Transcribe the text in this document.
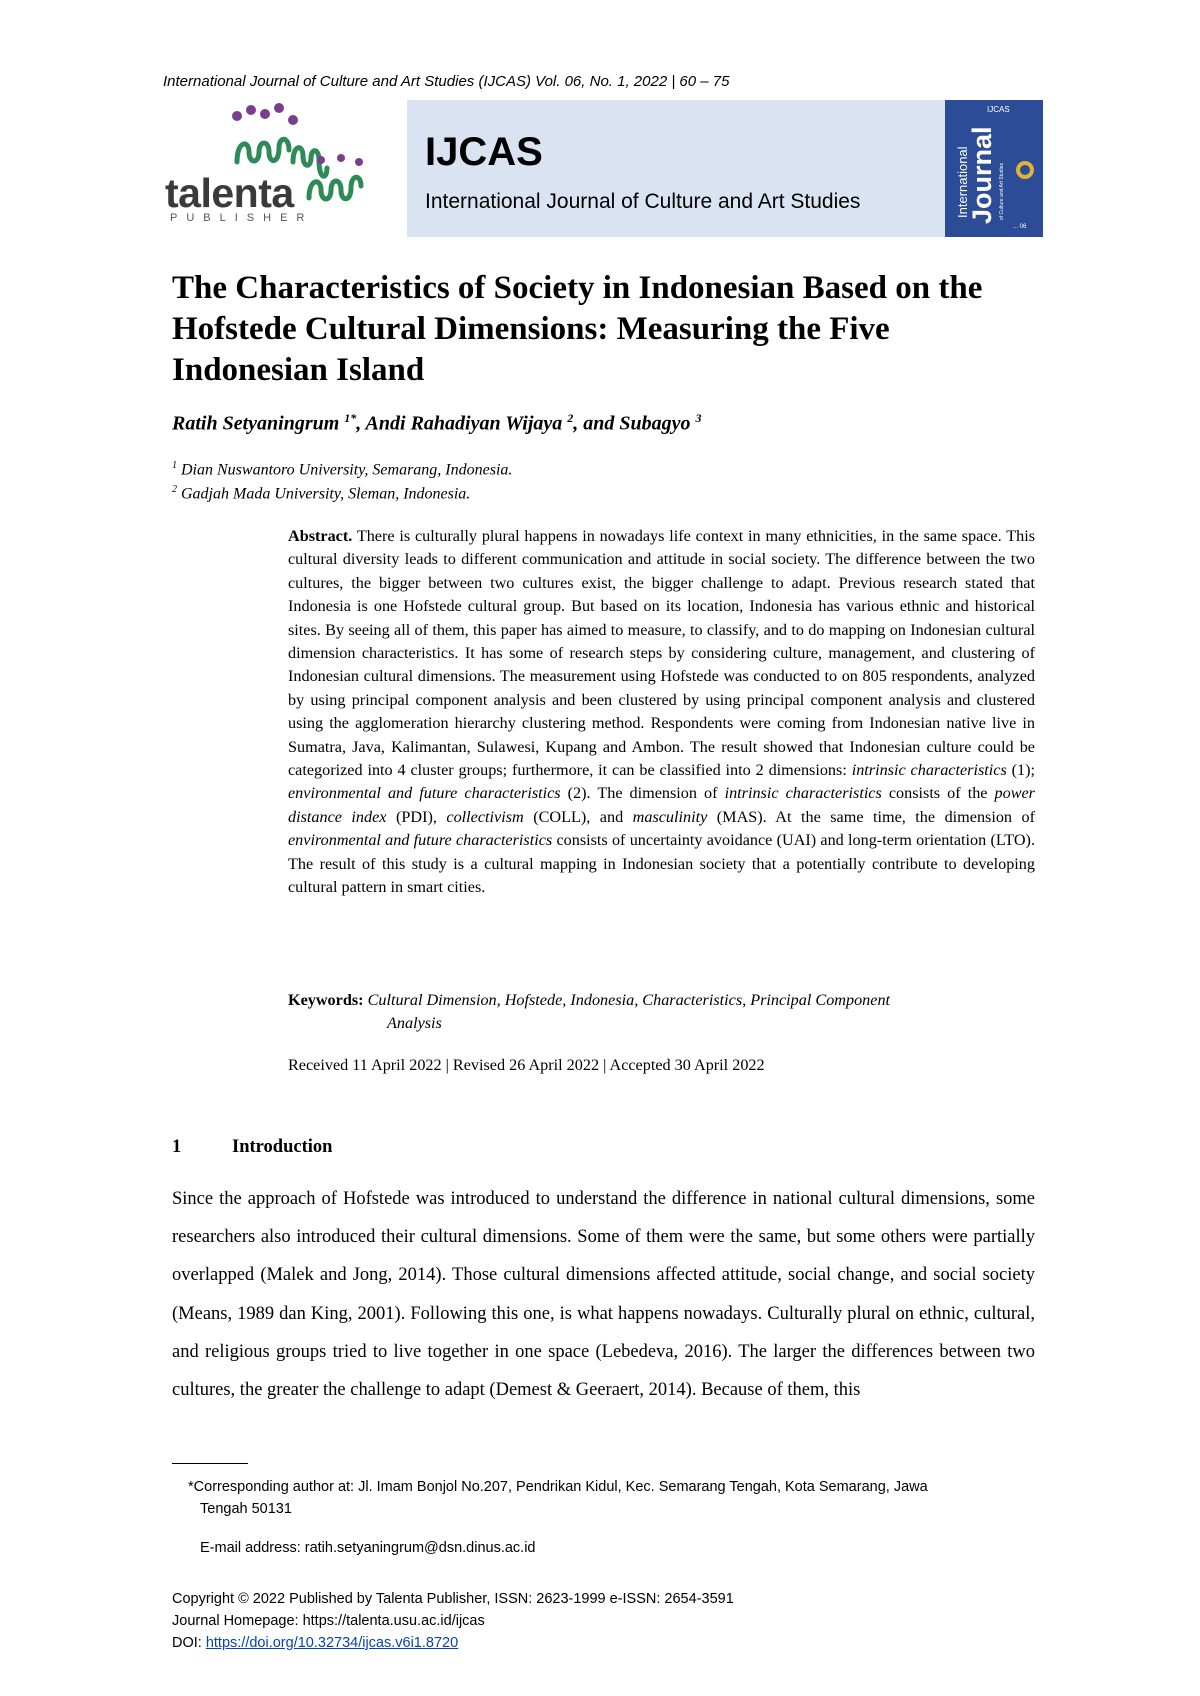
International Journal of Culture and Art Studies (IJCAS) Vol. 06, No. 1, 2022 | 60 – 75
talenta
PUBLISHER
IJCAS
International Journal of Culture and Art Studies
IJCAS
International
Journal of Culture and Art Studies
... 06
The Characteristics of Society in Indonesian Based on the Hofstede Cultural Dimensions: Measuring the Five Indonesian Island
Ratih Setyaningrum $^{1*}$, Andi Rahadiyan Wijaya $^2$, and Subagyo $^3$
$^1$ Dian Nuswantoro University, Semarang, Indonesia.
$^2$ Gadjah Mada University, Sleman, Indonesia.
Abstract. There is culturally plural happens in nowadays life context in many ethnicities, in the same space. This cultural diversity leads to different communication and attitude in social society. The difference between the two cultures, the bigger between two cultures exist, the bigger challenge to adapt. Previous research stated that Indonesia is one Hofstede cultural group. But based on its location, Indonesia has various ethnic and historical sites. By seeing all of them, this paper has aimed to measure, to classify, and to do mapping on Indonesian cultural dimension characteristics. It has some of research steps by considering culture, management, and clustering of Indonesian cultural dimensions. The measurement using Hofstede was conducted to on 805 respondents, analyzed by using principal component analysis and been clustered by using principal component analysis and clustered using the agglomeration hierarchy clustering method. Respondents were coming from Indonesian native live in Sumatra, Java, Kalimantan, Sulawesi, Kupang and Ambon. The result showed that Indonesian culture could be categorized into 4 cluster groups; furthermore, it can be classified into 2 dimensions: intrinsic characteristics (1); environmental and future characteristics (2). The dimension of intrinsic characteristics consists of the power distance index (PDI), collectivism (COLL), and masculinity (MAS). At the same time, the dimension of environmental and future characteristics consists of uncertainty avoidance (UAI) and long-term orientation (LTO). The result of this study is a cultural mapping in Indonesian society that a potentially contribute to developing cultural pattern in smart cities.
Keywords: Cultural Dimension, Hofstede, Indonesia, Characteristics, Principal Component
Analysis
Received 11 April 2022 | Revised 26 April 2022 | Accepted 30 April 2022
1	Introduction
Since the approach of Hofstede was introduced to understand the difference in national cultural dimensions, some researchers also introduced their cultural dimensions. Some of them were the same, but some others were partially overlapped (Malek and Jong, 2014). Those cultural dimensions affected attitude, social change, and social society (Means, 1989 dan King, 2001). Following this one, is what happens nowadays. Culturally plural on ethnic, cultural, and religious groups tried to live together in one space (Lebedeva, 2016). The larger the differences between two cultures, the greater the challenge to adapt (Demest & Geeraert, 2014). Because of them, this
*Corresponding author at: Jl. Imam Bonjol No.207, Pendrikan Kidul, Kec. Semarang Tengah, Kota Semarang, Jawa
Tengah 50131
E-mail address: ratih.setyaningrum@dsn.dinus.ac.id
Copyright © 2022 Published by Talenta Publisher, ISSN: 2623-1999 e-ISSN: 2654-3591
Journal Homepage: https://talenta.usu.ac.id/ijcas
DOI: https://doi.org/10.32734/ijcas.v6i1.8720
